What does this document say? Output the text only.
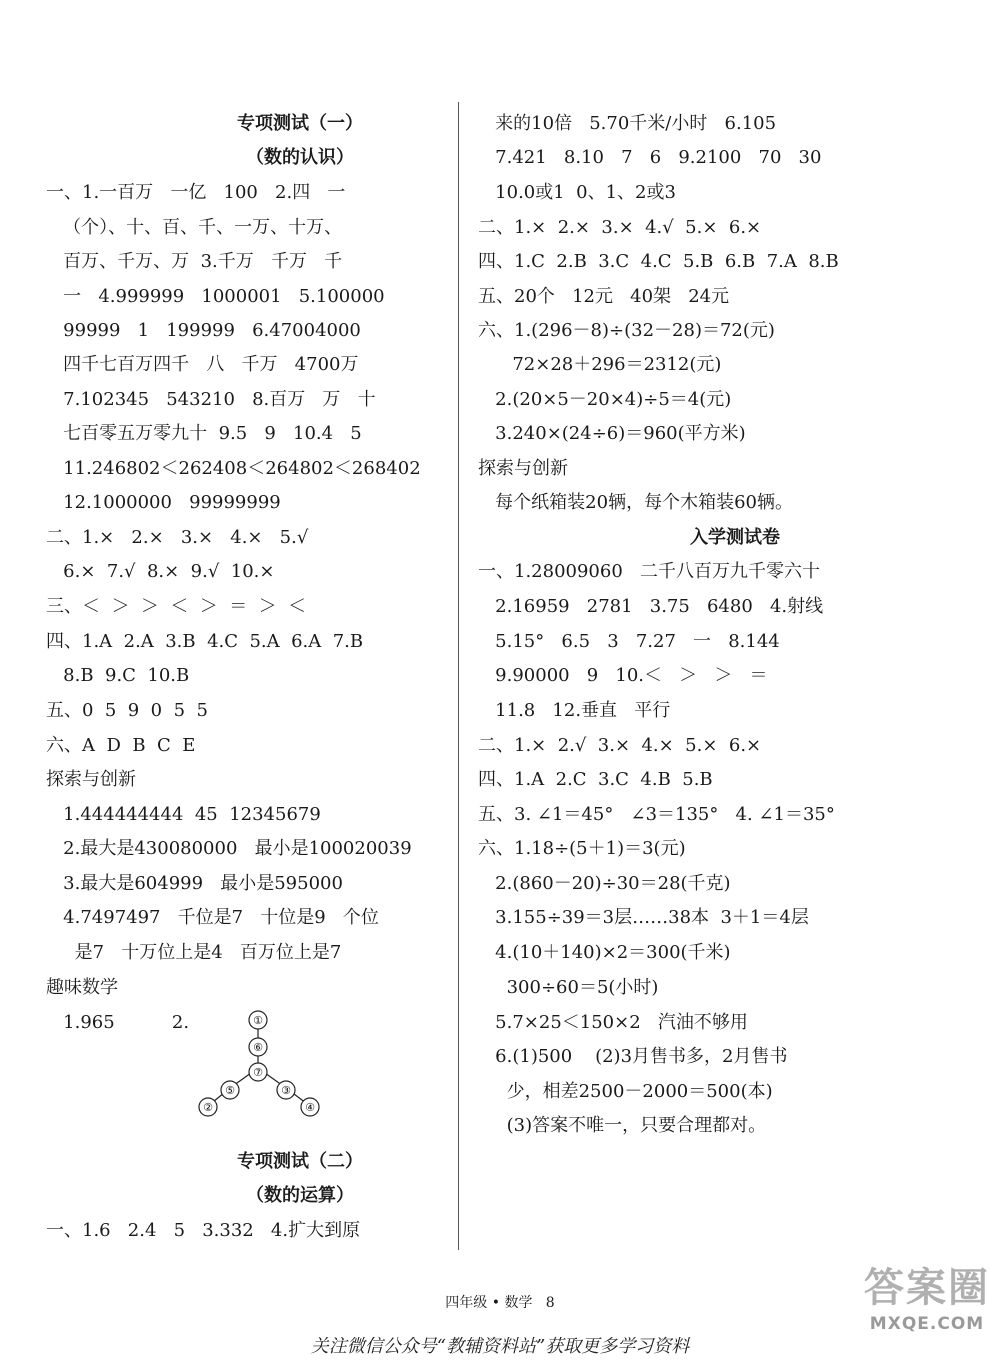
专项测试（一）
（数的认识）
一、1.一百万   一亿   100   2.四   一
（个）、十、百、千、一万、十万、
百万、千万、万  3.千万   千万   千
一   4.999999   1000001   5.100000
99999   1   199999   6.47004000
四千七百万四千   八   千万   4700万
7.102345   543210   8.百万   万   十
七百零五万零九十  9.5   9   10.4   5
11.246802＜262408＜264802＜268402
12.1000000   99999999
二、1.×   2.×   3.×   4.×   5.√
6.×  7.√  8.×  9.√  10.×
三、＜  ＞  ＞  ＜  ＞  ＝  ＞  ＜
四、1.A  2.A  3.B  4.C  5.A  6.A  7.B
8.B  9.C  10.B
五、0  5  9  0  5  5
六、A  D  B  C  E
探索与创新
1.444444444  45  12345679
2.最大是430080000   最小是100020039
3.最大是604999   最小是595000
4.7497497   千位是7   十位是9   个位
是7   十万位上是4   百万位上是7
趣味数学
1.965          2.	①
⑥
⑦
⑤	③
②	④
专项测试（二）
（数的运算）
一、1.6   2.4   5   3.332   4.扩大到原
来的10倍   5.70千米/小时   6.105
7.421   8.10   7   6   9.2100   70   30
10.0或1  0、1、2或3
二、1.×  2.×  3.×  4.√  5.×  6.×
四、1.C  2.B  3.C  4.C  5.B  6.B  7.A  8.B
五、20个   12元   40架   24元
六、1.(296－8)÷(32－28)＝72(元)
72×28＋296＝2312(元)
2.(20×5－20×4)÷5＝4(元)
3.240×(24÷6)＝960(平方米)
探索与创新
每个纸箱装20辆，每个木箱装60辆。
入学测试卷
一、1.28009060   二千八百万九千零六十
2.16959   2781   3.75   6480   4.射线
5.15°   6.5   3   7.27   一   8.144
9.90000   9   10.＜   ＞   ＞   ＝
11.8   12.垂直   平行
二、1.×  2.√  3.×  4.×  5.×  6.×
四、1.A  2.C  3.C  4.B  5.B
五、3. ∠1＝45°   ∠3＝135°   4. ∠1＝35°
六、1.18÷(5＋1)＝3(元)
2.(860－20)÷30＝28(千克)
3.155÷39＝3层……38本  3＋1＝4层
4.(10＋140)×2＝300(千米)
300÷60＝5(小时)
5.7×25＜150×2   汽油不够用
6.(1)500    (2)3月售书多，2月售书
少，相差2500－2000＝500(本)
(3)答案不唯一，只要合理都对。
四年级 • 数学   8
关注微信公众号“教辅资料站”获取更多学习资料
答案圈
MXQE.COM
